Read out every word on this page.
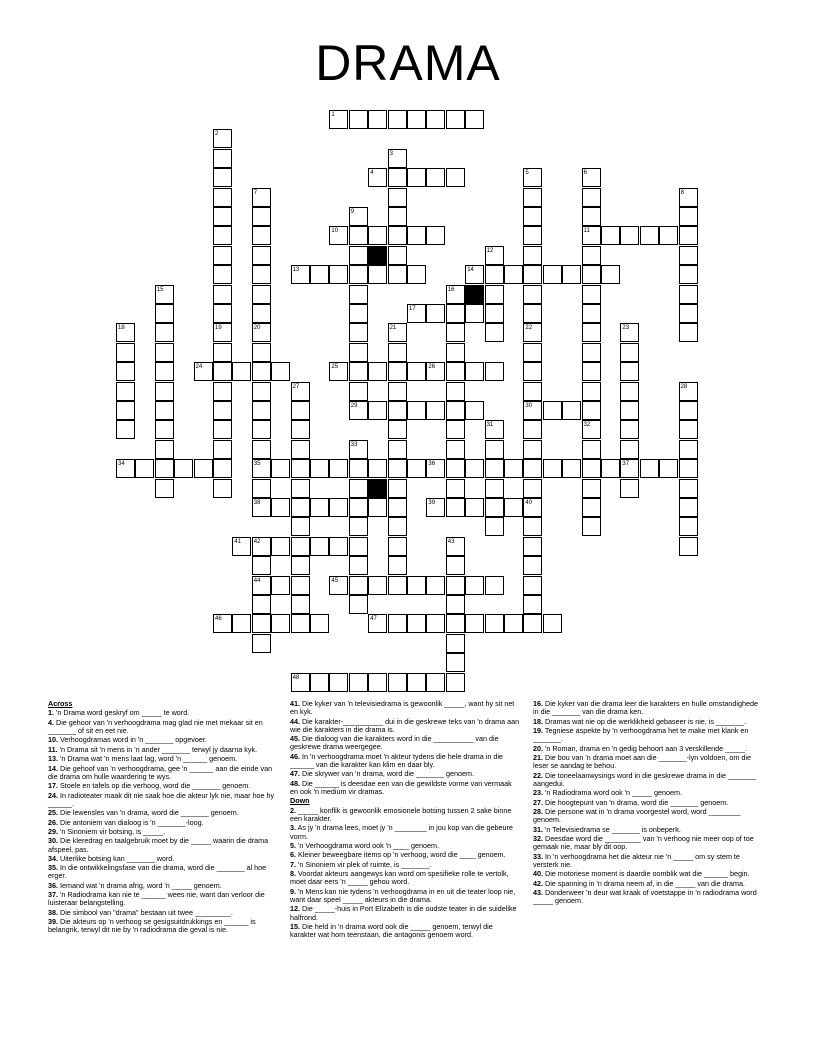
DRAMA
1
2
19
3
4	5
22
30
40
6
11
32
7
20
8
9
29
10
12
13	14
15	16
17
18
35
38
21	23
37
24	25	26
27	28
31
33
34	36
39
41 42
44
43
45
46	47
48

Across

1. 'n Drama word geskryf om _____ te word.

4. Die gehoor van 'n verhoogdrama mag glad nie met mekaar sit en _______ of sit en eet nie.

10. Verhoogdramas word in 'n _______ opgevoer.

11. 'n Drama sit 'n mens in 'n ander _______ terwyl jy daarna kyk.

13. 'n Drama wat 'n mens laat lag, word 'n ______ genoem.

14. Die gehoof van 'n verhoogdrama, gee 'n ______ aan die einde van die drama om hulle waardering te wys.

17. Stoele en tafels op die verhoog, word die _______ genoem.

24. In radioteater maak dit nie saak hoe die akteur lyk nie, maar hoe hy ______.

25. Die lewensles van 'n drama, word die _______ genoem.

26. Die antoniem van dialoog is 'n _______-loog.

29. 'n Sinoniem vir botsing, is _____.

30. Die kleredrag en taalgebruik moet by die _____ waarin die drama afspeel, pas.

34. Uiterlike botsing kan _______ word.

35. In die ontwikkelingsfase van die drama, word die _______ al hoe erger.

36. Iemand wat 'n drama afrig, word 'n _____ genoem.

37. 'n Radiodrama kan nie te ______ wees nie, want dan verloor die luisteraar belangstelling.

38. Die simbool van "drama" bestaan uit twee _________.

39. Die akteurs op 'n verhoog se gesigsuitdrukkings en ______ is belangrik, terwyl dit nie by 'n radiodrama die geval is nie.

41. Die kyker van 'n televisiedrama is gewoonlik _____, want hy sit net en kyk.

44. Die karakter-__________ dui in die geskrewe teks van 'n drama aan wie die karakters in die drama is.

45. Die dialoog van die karakters word in die __________ van die geskrewe drama weergegee.

46. In 'n verhoogdrama moet 'n akteur tydens die hele drama in die ______ van die karakter kan klim en daar bly.

47. Die skrywer van 'n drama, word die _______ genoem.

48. Die ______ is deesdae een van die gewildste vorme van vermaak en ook 'n medium vir dramas.

Down

2. _____ konflik is gewoonlik emosionele botsing tussen 2 sake binne een karakter.

3. As jy 'n drama lees, moet jy 'n ________ in jou kop van die gebeure vorm.

5. 'n Verhoogdrama word ook 'n ____ genoem.

6. Kleiner beweegbare items op 'n verhoog, word die ____ genoem.

7. 'n Sinoniem vir plek of ruimte, is _______.

8. Voordat akteurs aangewys kan word om spesifieke rolle te vertolk, moet daar eers 'n _____ gehou word.

9. 'n Mens kan nie tydens 'n verhoogdrama in en uit die teater loop nie, want daar speel _____ akteurs in die drama.

12. Die _____-huis in Port Elizabeth is die oudste teater in die suidelike halfrond.

15. Die held in 'n drama word ook die _____ genoem, terwyl die karakter wat hom teenstaan, die antagonis genoem word.

16. Die kyker van die drama leer die karakters en hulle omstandighede in die _______ van die drama ken.

18. Dramas wat nie op die werklikheid gebaseer is nie, is _______.

19. Tegniese aspekte by 'n verhoogdrama het te make met klank en _______.

20. 'n Roman, drama en 'n gedig behoort aan 3 verskillende _____.

21. Die bou van 'n drama moet aan die _______-lyn voldoen, om die leser se aandag te behou.

22. Die toneelaanwysings word in die geskrewe drama in die _______ aangedui.

23. 'n Radiodrama word ook 'n _____ genoem.

27. Die hoogtepunt van 'n drama, word die _______ genoem.

28. Die persone wat in 'n drama voorgestel word, word ________ genoem.

31. 'n Televisiedrama se _______ is onbeperk.

32. Deesdae word die _________ van 'n verhoog nie meer oop of toe gemaak nie, maar bly dit oop.

33. In 'n verhoogdrama het die akteur nie 'n _____ om sy stem te versterk nie.

40. Die motoriese moment is daardie oomblik wat die ______ begin.

42. Die spanning in 'n drama neem af, in die _____ van die drama.

43. Donderweer 'n deur wat kraak of voetstappe in 'n radiodrama word _____ genoem.
